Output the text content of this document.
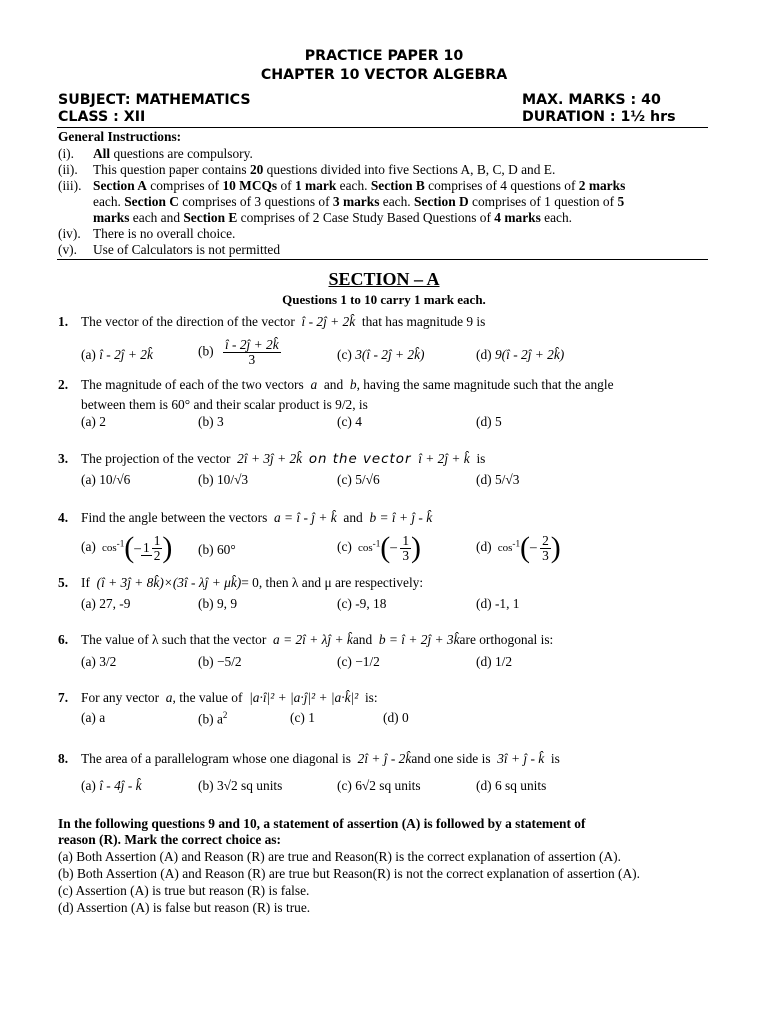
PRACTICE PAPER 10
CHAPTER 10 VECTOR ALGEBRA
SUBJECT: MATHEMATICS	MAX. MARKS : 40
CLASS : XII	DURATION : 1½ hrs
General Instructions:
(i). All questions are compulsory.
(ii). This question paper contains 20 questions divided into five Sections A, B, C, D and E.
(iii). Section A comprises of 10 MCQs of 1 mark each. Section B comprises of 4 questions of 2 marks
each. Section C comprises of 3 questions of 3 marks each. Section D comprises of 1 question of 5
marks each and Section E comprises of 2 Case Study Based Questions of 4 marks each.
(iv). There is no overall choice.
(v). Use of Calculators is not permitted
SECTION – A
Questions 1 to 10 carry 1 mark each.
1. The vector of the direction of the vector  î - 2ĵ + 2k̂  that has magnitude 9 is
(a) î - 2ĵ + 2k̂	$(b) \frac{î - 2ĵ + 2k̂}{3}$	(c) 3(î - 2ĵ + 2k̂)	(d) 9(î - 2ĵ + 2k̂)
2. The magnitude of each of the two vectors  a  and  b, having the same magnitude such that the angle
between them is 60° and their scalar product is 9/2, is
(a) 2	(b) 3	(c) 4	(d) 5
3. The projection of the vector  2î + 3ĵ + 2k̂  on the vector  î + 2ĵ + k̂  is
(a) 10/√6	(b) 10/√3	(c) 5/√6	(d) 5/√3
4. Find the angle between the vectors  a = î - ĵ + k̂  and  b = î + ĵ - k̂
(a)  $\cos^{-1}(-$ $1 \frac{1}{2}$ ) (b) 60°	(c)  $\cos^{-1}(- \frac{1}{3}$ )	(d)  $\cos^{-1}(- \frac{2}{3}$ )
5. If  (î + 3ĵ + 8k̂)×(3î - λĵ + μk̂)= 0, then λ and μ are respectively:
(a) 27, -9	(b) 9, 9	(c) -9, 18	(d) -1, 1
6. The value of λ such that the vector  a = 2î + λĵ + k̂and  b = î + 2ĵ + 3k̂are orthogonal is:
(a) 3/2	(b) −5/2	(c) −1/2	(d) 1/2
7. For any vector  a, the value of  |a·î|² + |a·ĵ|² + |a·k̂|²  is:
(a) a	(b) $a^2$	(c) 1	(d) 0
8. The area of a parallelogram whose one diagonal is  2î + ĵ - 2k̂and one side is  3î + ĵ - k̂  is
(a) î - 4ĵ - k̂	(b) 3√2 sq units	(c) 6√2 sq units	(d) 6 sq units
In the following questions 9 and 10, a statement of assertion (A) is followed by a statement of
reason (R). Mark the correct choice as:
(a) Both Assertion (A) and Reason (R) are true and Reason(R) is the correct explanation of assertion (A).
(b) Both Assertion (A) and Reason (R) are true but Reason(R) is not the correct explanation of assertion (A).
(c) Assertion (A) is true but reason (R) is false.
(d) Assertion (A) is false but reason (R) is true.
